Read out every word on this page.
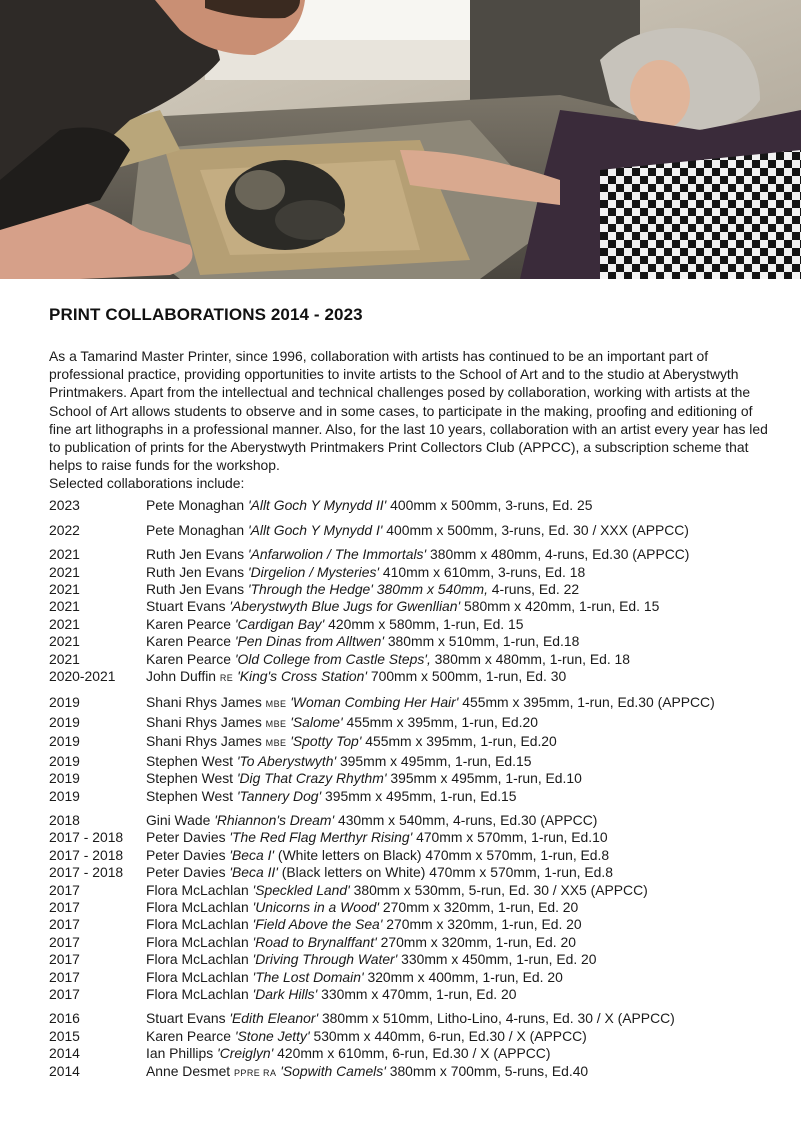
PRINT COLLABORATIONS 2014 - 2023

As a Tamarind Master Printer, since 1996, collaboration with artists has continued to be an important part of professional practice, providing opportunities to invite artists to the School of Art and to the studio at Aberystwyth Printmakers. Apart from the intellectual and technical challenges posed by collaboration, working with artists at the School of Art allows students to observe and in some cases, to participate in the making, proofing and editioning of fine art lithographs in a professional manner. Also, for the last 10 years, collaboration with an artist every year has led to publication of prints for the Aberystwyth Printmakers Print Collectors Club (APPCC), a subscription scheme that helps to raise funds for the workshop.

Selected collaborations include:

2023	Pete Monaghan 'Allt Goch Y Mynydd II' 400mm x 500mm, 3-runs, Ed. 25
2022	Pete Monaghan 'Allt Goch Y Mynydd I' 400mm x 500mm, 3-runs, Ed. 30 / XXX (APPCC)
2021	Ruth Jen Evans 'Anfarwolion / The Immortals' 380mm x 480mm, 4-runs, Ed.30 (APPCC)
2021	Ruth Jen Evans 'Dirgelion / Mysteries' 410mm x 610mm, 3-runs, Ed. 18
2021	Ruth Jen Evans 'Through the Hedge' 380mm x 540mm, 4-runs, Ed. 22
2021	Stuart Evans 'Aberystwyth Blue Jugs for Gwenllian' 580mm x 420mm, 1-run, Ed. 15
2021	Karen Pearce 'Cardigan Bay' 420mm x 580mm, 1-run, Ed. 15
2021	Karen Pearce 'Pen Dinas from Alltwen' 380mm x 510mm, 1-run, Ed.18
2021	Karen Pearce 'Old College from Castle Steps', 380mm x 480mm, 1-run, Ed. 18
2020-2021	John Duffin RE 'King's Cross Station' 700mm x 500mm, 1-run, Ed. 30
2019	Shani Rhys James MBE 'Woman Combing Her Hair' 455mm x 395mm, 1-run, Ed.30 (APPCC)
2019	Shani Rhys James MBE 'Salome' 455mm x 395mm, 1-run, Ed.20
2019	Shani Rhys James MBE 'Spotty Top' 455mm x 395mm, 1-run, Ed.20
2019	Stephen West 'To Aberystwyth' 395mm x 495mm, 1-run, Ed.15
2019	Stephen West 'Dig That Crazy Rhythm' 395mm x 495mm, 1-run, Ed.10
2019	Stephen West 'Tannery Dog' 395mm x 495mm, 1-run, Ed.15
2018	Gini Wade 'Rhiannon's Dream' 430mm x 540mm, 4-runs, Ed.30 (APPCC)
2017 - 2018	Peter Davies 'The Red Flag Merthyr Rising' 470mm x 570mm, 1-run, Ed.10
2017 - 2018	Peter Davies 'Beca I' (White letters on Black) 470mm x 570mm, 1-run, Ed.8
2017 - 2018	Peter Davies 'Beca II' (Black letters on White) 470mm x 570mm, 1-run, Ed.8
2017	Flora McLachlan 'Speckled Land' 380mm x 530mm, 5-run, Ed. 30 / XX5 (APPCC)
2017	Flora McLachlan 'Unicorns in a Wood' 270mm x 320mm, 1-run, Ed. 20
2017	Flora McLachlan 'Field Above the Sea' 270mm x 320mm, 1-run, Ed. 20
2017	Flora McLachlan 'Road to Brynalffant' 270mm x 320mm, 1-run, Ed. 20
2017	Flora McLachlan 'Driving Through Water' 330mm x 450mm, 1-run, Ed. 20
2017	Flora McLachlan 'The Lost Domain' 320mm x 400mm, 1-run, Ed. 20
2017	Flora McLachlan 'Dark Hills' 330mm x 470mm, 1-run, Ed. 20
2016	Stuart Evans 'Edith Eleanor' 380mm x 510mm, Litho-Lino, 4-runs, Ed. 30 / X (APPCC)
2015	Karen Pearce 'Stone Jetty' 530mm x 440mm, 6-run, Ed.30 / X (APPCC)
2014	Ian Phillips 'Creiglyn' 420mm x 610mm, 6-run, Ed.30 / X (APPCC)
2014	Anne Desmet PPRE RA 'Sopwith Camels' 380mm x 700mm, 5-runs, Ed.40
